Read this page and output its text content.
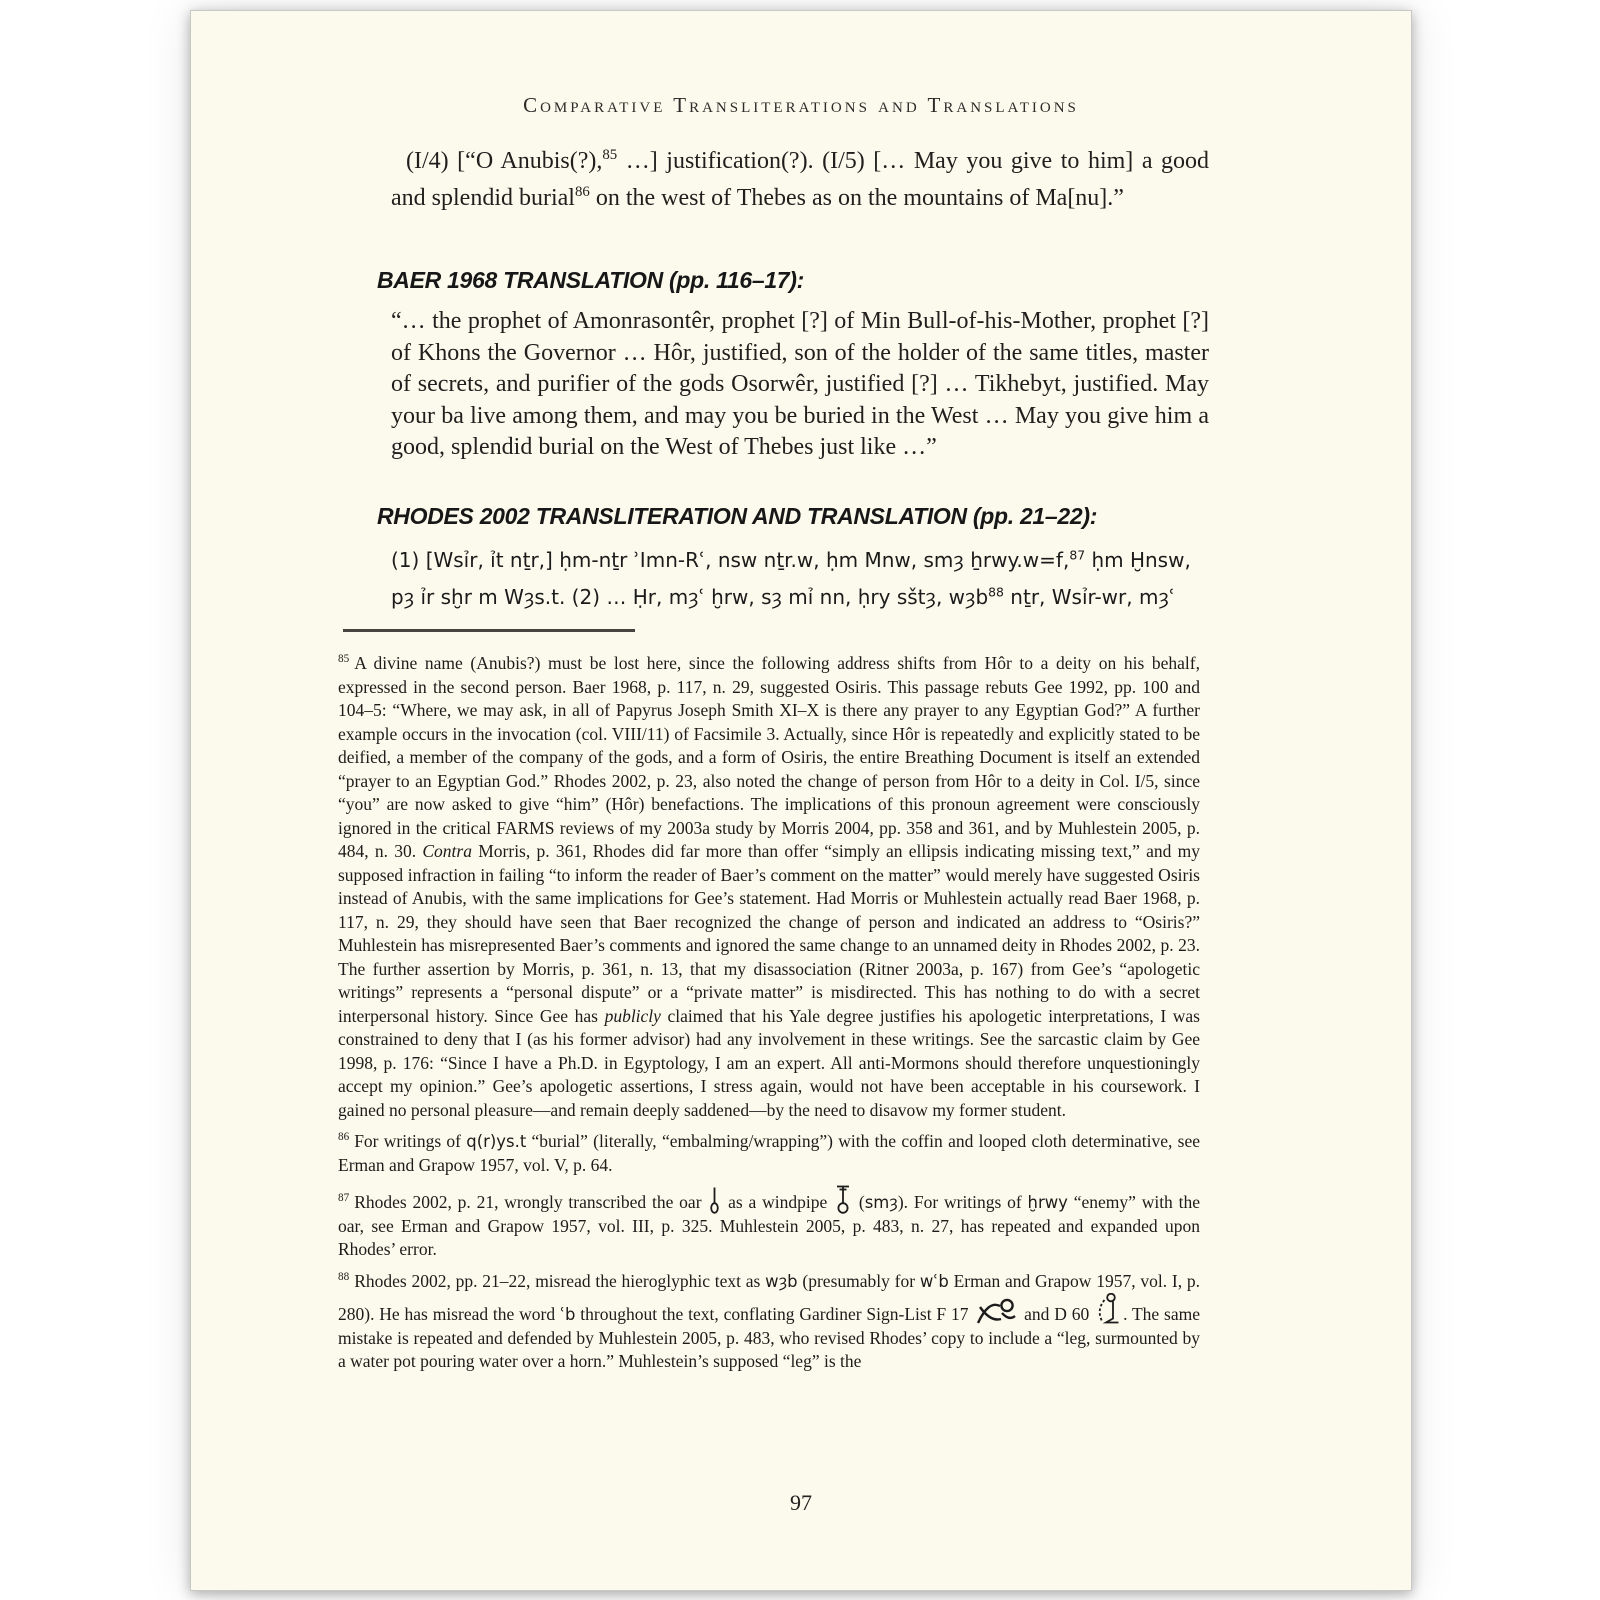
Comparative Transliterations and Translations
(I/4) [“O Anubis(?),$^{85}$ …] justification(?). (I/5) [… May you give to him] a good and splendid burial$^{86}$ on the west of Thebes as on the mountains of Ma[nu].”
BAER 1968 TRANSLATION (pp. 116–17):
“… the prophet of Amonrasontêr, prophet [?] of Min Bull-of-his-Mother, prophet [?] of Khons the Governor … Hôr, justified, son of the holder of the same titles, master of secrets, and purifier of the gods Osorwêr, justified [?] … Tikhebyt, justified. May your ba live among them, and may you be buried in the West … May you give him a good, splendid burial on the West of Thebes just like …”
RHODES 2002 TRANSLITERATION AND TRANSLATION (pp. 21–22):
(1) [Wsỉr, ỉt nṯr,] ḥm-nṯr ʾImn-Rʿ, nsw nṯr.w, ḥm Mnw, smȝ ẖrwy.w=f,$^{87}$ ḥm Ḫnsw,
pȝ ỉr sḫr m Wȝs.t. (2) … Ḥr, mȝʿ ḫrw, sȝ mỉ nn, ḥry sštȝ, wȝb$^{88}$ nṯr, Wsỉr-wr, mȝʿ

$^{85}$ A divine name (Anubis?) must be lost here, since the following address shifts from Hôr to a deity on his behalf, expressed in the second person. Baer 1968, p. 117, n. 29, suggested Osiris. This passage rebuts Gee 1992, pp. 100 and 104–5: “Where, we may ask, in all of Papyrus Joseph Smith XI–X is there any prayer to any Egyptian God?” A further example occurs in the invocation (col. VIII/11) of Facsimile 3. Actually, since Hôr is repeatedly and explicitly stated to be deified, a member of the company of the gods, and a form of Osiris, the entire Breathing Document is itself an extended “prayer to an Egyptian God.” Rhodes 2002, p. 23, also noted the change of person from Hôr to a deity in Col. I/5, since “you” are now asked to give “him” (Hôr) benefactions. The implications of this pronoun agreement were consciously ignored in the critical FARMS reviews of my 2003a study by Morris 2004, pp. 358 and 361, and by Muhlestein 2005, p. 484, n. 30. Contra Morris, p. 361, Rhodes did far more than offer “simply an ellipsis indicating missing text,” and my supposed infraction in failing “to inform the reader of Baer’s comment on the matter” would merely have suggested Osiris instead of Anubis, with the same implications for Gee’s statement. Had Morris or Muhlestein actually read Baer 1968, p. 117, n. 29, they should have seen that Baer recognized the change of person and indicated an address to “Osiris?” Muhlestein has misrepresented Baer’s comments and ignored the same change to an unnamed deity in Rhodes 2002, p. 23. The further assertion by Morris, p. 361, n. 13, that my disassociation (Ritner 2003a, p. 167) from Gee’s “apologetic writings” represents a “personal dispute” or a “private matter” is misdirected. This has nothing to do with a secret interpersonal history. Since Gee has publicly claimed that his Yale degree justifies his apologetic interpretations, I was constrained to deny that I (as his former advisor) had any involvement in these writings. See the sarcastic claim by Gee 1998, p. 176: “Since I have a Ph.D. in Egyptology, I am an expert. All anti-Mormons should therefore unquestioningly accept my opinion.” Gee’s apologetic assertions, I stress again, would not have been acceptable in his coursework. I gained no personal pleasure—and remain deeply saddened—by the need to disavow my former student.

$^{86}$ For writings of q(r)ys.t “burial” (literally, “embalming/wrapping”) with the coffin and looped cloth determinative, see Erman and Grapow 1957, vol. V, p. 64.

$^{87}$ Rhodes 2002, p. 21, wrongly transcribed the oar  as a windpipe  (smȝ). For writings of ḫrwy “enemy” with the oar, see Erman and Grapow 1957, vol. III, p. 325. Muhlestein 2005, p. 483, n. 27, has repeated and expanded upon Rhodes’ error.

$^{88}$ Rhodes 2002, pp. 21–22, misread the hieroglyphic text as wȝb (presumably for wʿb Erman and Grapow 1957, vol. I, p. 280). He has misread the word ʿb throughout the text, conflating Gardiner Sign-List F 17	and D 60 . The same mistake is repeated and defended by Muhlestein 2005, p. 483, who revised Rhodes’ copy to include a “leg, surmounted by a water pot pouring water over a horn.” Muhlestein’s supposed “leg” is the

97
